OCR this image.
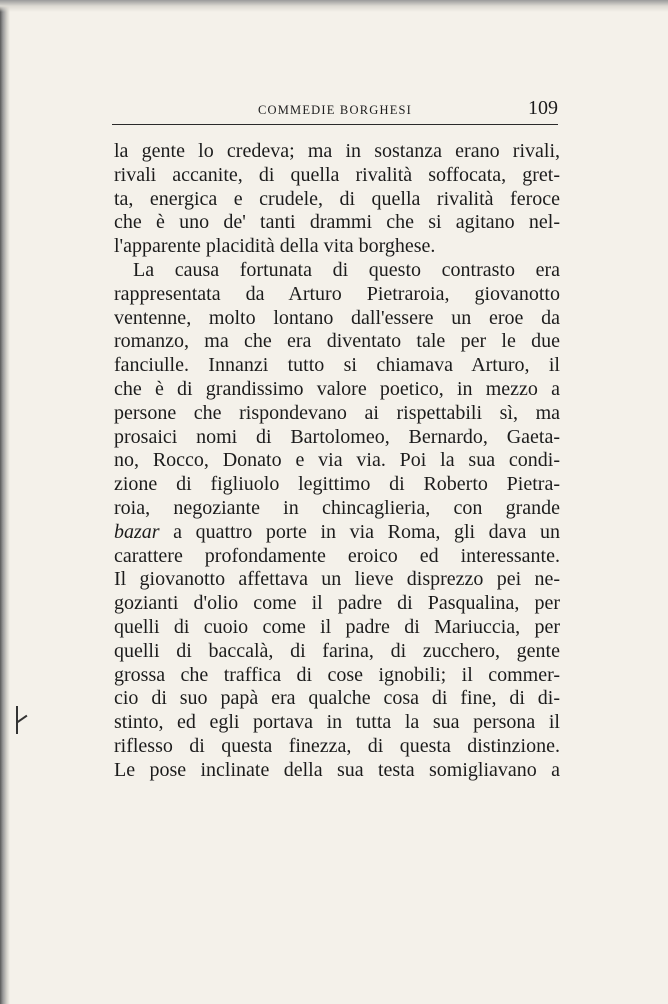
COMMEDIE BORGHESI	109
la gente lo credeva; ma in sostanza erano rivali,
rivali accanite, di quella rivalità soffocata, gret-
ta, energica e crudele, di quella rivalità feroce
che è uno de' tanti drammi che si agitano nel-
l'apparente placidità della vita borghese.
La causa fortunata di questo contrasto era
rappresentata da Arturo Pietraroia, giovanotto
ventenne, molto lontano dall'essere un eroe da
romanzo, ma che era diventato tale per le due
fanciulle. Innanzi tutto si chiamava Arturo, il
che è di grandissimo valore poetico, in mezzo a
persone che rispondevano ai rispettabili sì, ma
prosaici nomi di Bartolomeo, Bernardo, Gaeta-
no, Rocco, Donato e via via. Poi la sua condi-
zione di figliuolo legittimo di Roberto Pietra-
roia, negoziante in chincaglieria, con grande
bazar a quattro porte in via Roma, gli dava un
carattere profondamente eroico ed interessante.
Il giovanotto affettava un lieve disprezzo pei ne-
gozianti d'olio come il padre di Pasqualina, per
quelli di cuoio come il padre di Mariuccia, per
quelli di baccalà, di farina, di zucchero, gente
grossa che traffica di cose ignobili; il commer-
cio di suo papà era qualche cosa di fine, di di-
stinto, ed egli portava in tutta la sua persona il
riflesso di questa finezza, di questa distinzione.
Le pose inclinate della sua testa somigliavano a
